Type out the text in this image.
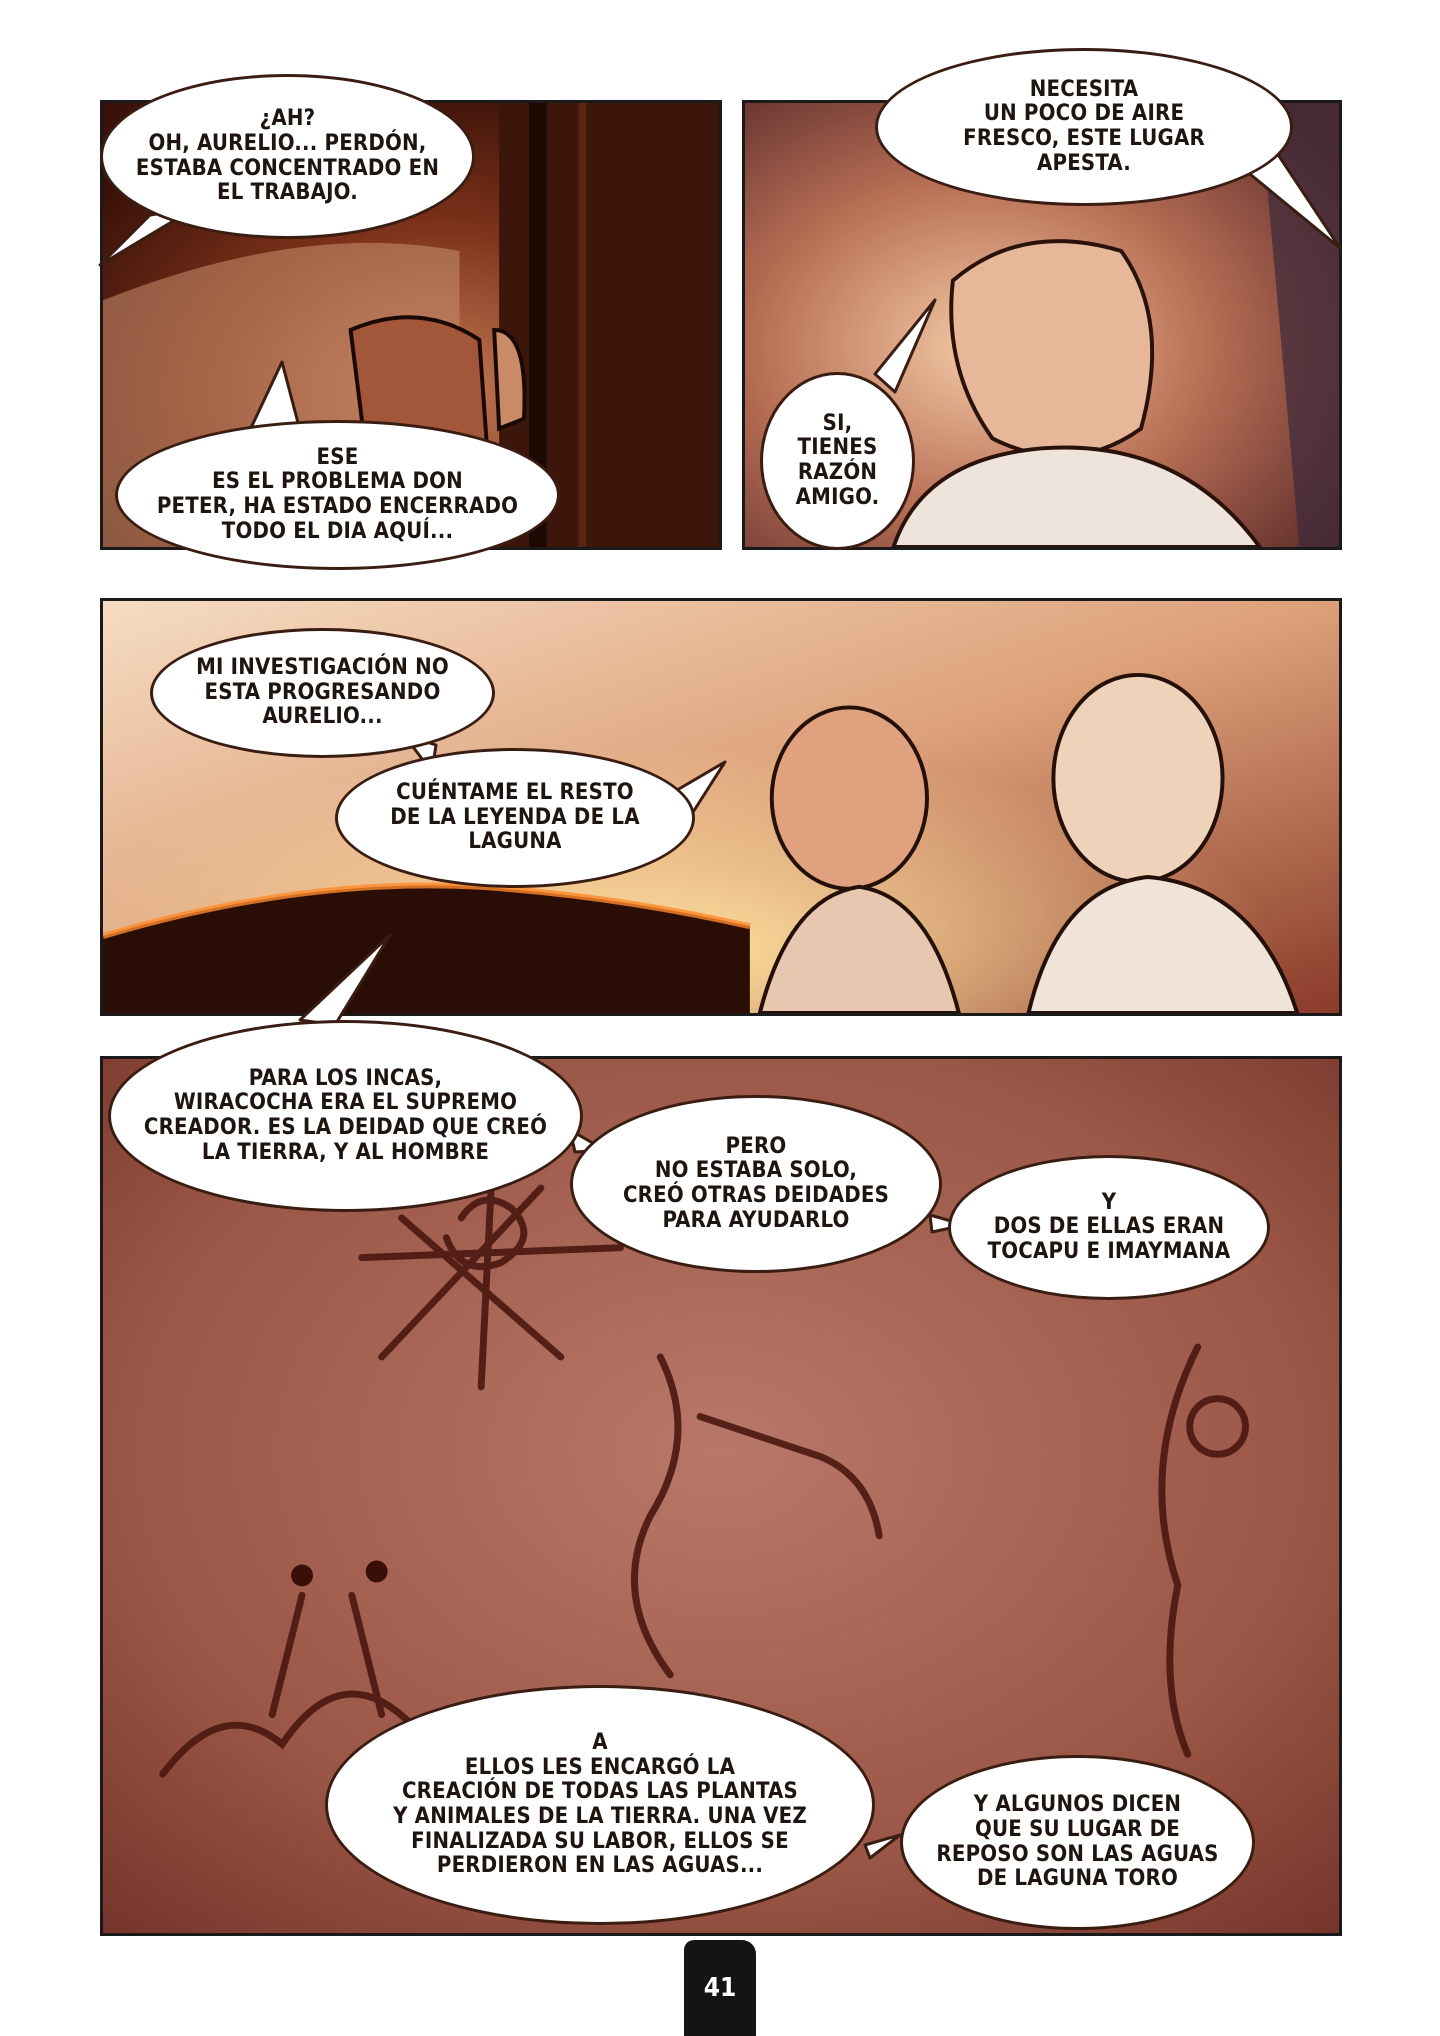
¿AH?
OH, AURELIO... PERDÓN,
ESTABA CONCENTRADO EN
EL TRABAJO.
ESE
ES EL PROBLEMA DON
PETER, HA ESTADO ENCERRADO
TODO EL DIA AQUÍ...
NECESITA
UN POCO DE AIRE
FRESCO, ESTE LUGAR
APESTA.
SI,
TIENES
RAZÓN
AMIGO.
MI INVESTIGACIÓN NO
ESTA PROGRESANDO
AURELIO...
CUÉNTAME EL RESTO
DE LA LEYENDA DE LA
LAGUNA
PARA LOS INCAS,
WIRACOCHA ERA EL SUPREMO
CREADOR. ES LA DEIDAD QUE CREÓ
LA TIERRA, Y AL HOMBRE	PERO
NO ESTABA SOLO,
CREÓ OTRAS DEIDADES
PARA AYUDARLO
Y
DOS DE ELLAS ERAN
TOCAPU E IMAYMANA
A
ELLOS LES ENCARGÓ LA
CREACIÓN DE TODAS LAS PLANTAS
Y ANIMALES DE LA TIERRA. UNA VEZ
FINALIZADA SU LABOR, ELLOS SE
PERDIERON EN LAS AGUAS...
Y ALGUNOS DICEN
QUE SU LUGAR DE
REPOSO SON LAS AGUAS
DE LAGUNA TORO
41
